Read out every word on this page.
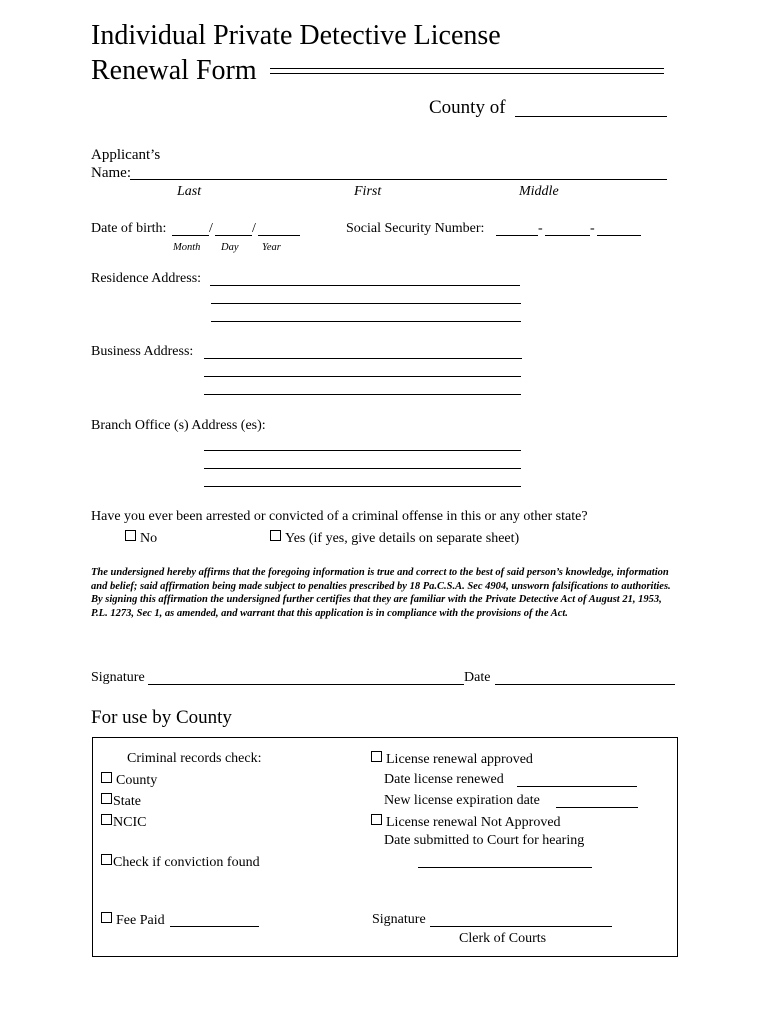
Individual Private Detective License
Renewal Form
County of
Applicant’s
Name:
Last	First	Middle
Date of birth:	/	/
Month Day Year
Social Security Number:	-	-
Residence Address:
Business Address:
Branch Office (s) Address (es):
Have you ever been arrested or convicted of a criminal offense in this or any other state?
No	Yes (if yes, give details on separate sheet)
The undersigned hereby affirms that the foregoing information is true and correct to the best of said person’s knowledge, information and belief; said affirmation being made subject to penalties prescribed by 18 Pa.C.S.A. Sec 4904, unsworn falsifications to authorities. By signing this affirmation the undersigned further certifies that they are familiar with the Private Detective Act of August 21, 1953, P.L. 1273, Sec 1, as amended, and warrant that this application is in compliance with the provisions of the Act.
Signature	Date
For use by County
Criminal records check:
County
State
NCIC
Check if conviction found
Fee Paid
License renewal approved
Date license renewed
New license expiration date
License renewal Not Approved
Date submitted to Court for hearing
Signature
Clerk of Courts
